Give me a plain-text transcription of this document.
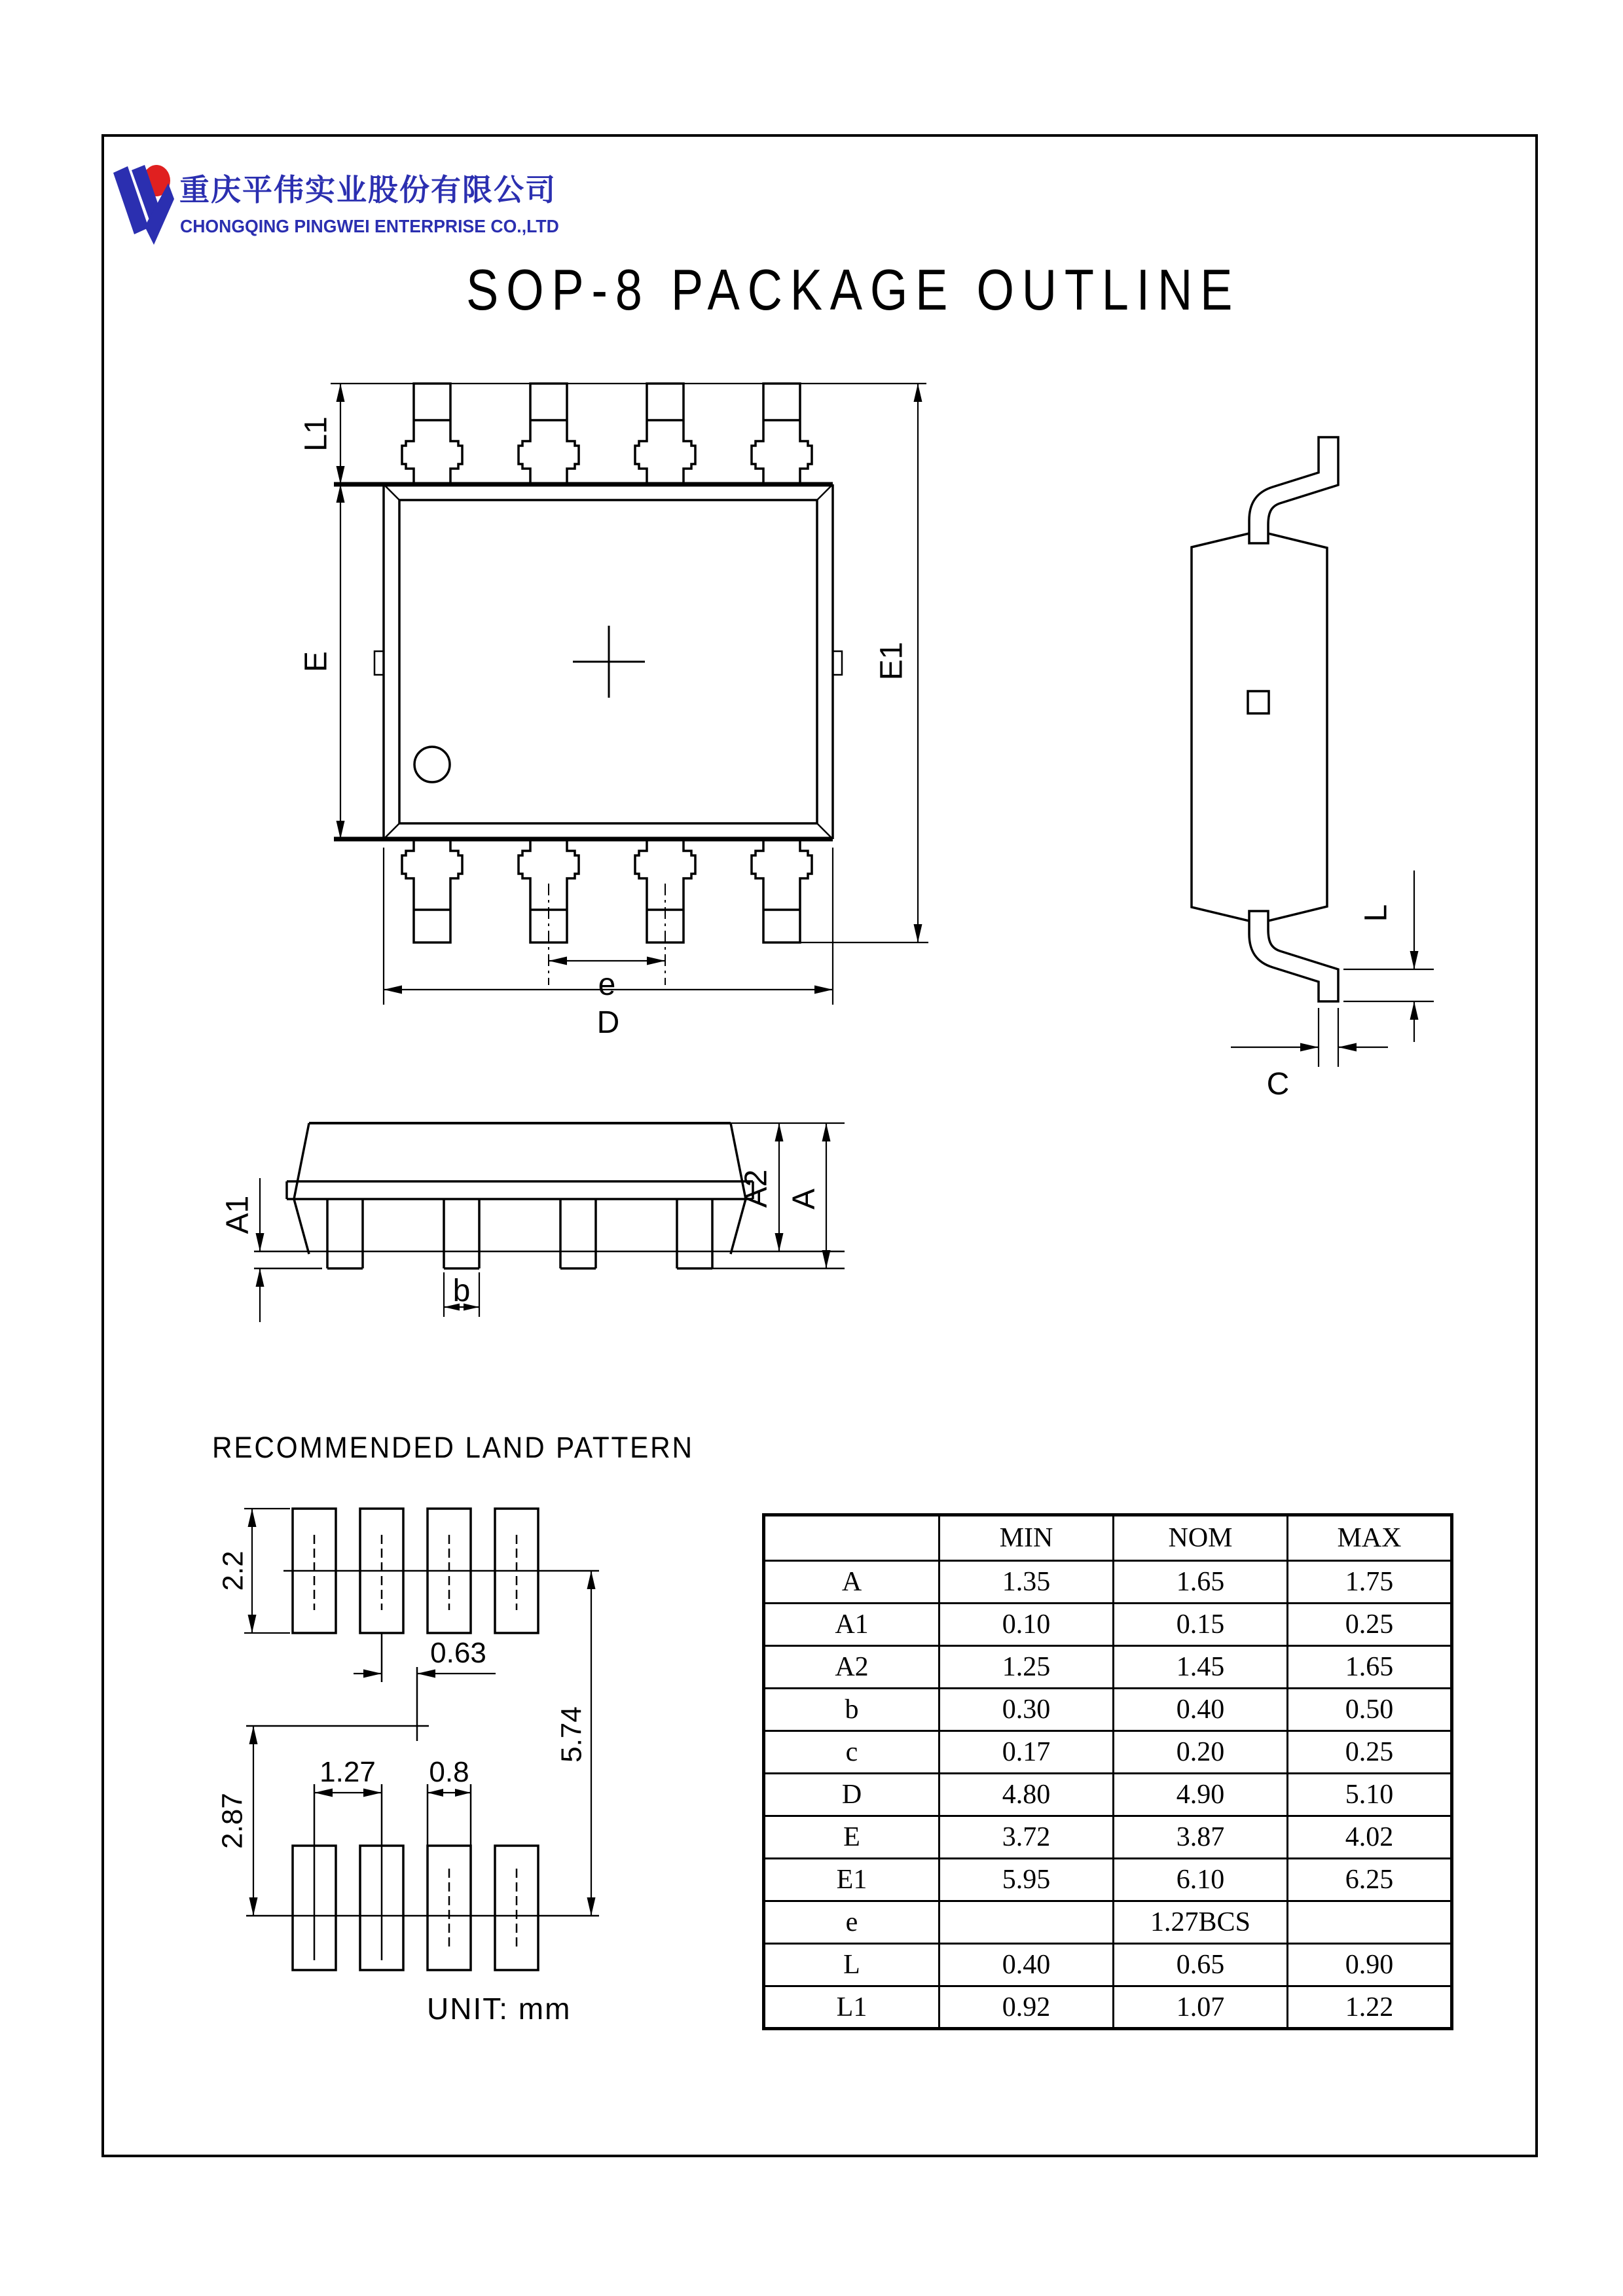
L1
E	E1
e
D
L
C
A1
A2 A
b
2.2
0.63
2.87
5.74
1.27 0.8
重庆平伟实业股份有限公司
CHONGQING PINGWEI ENTERPRISE CO.,LTD
SOP-8 PACKAGE OUTLINE
RECOMMENDED LAND PATTERN
UNIT: mm
	MIN	NOM	MAX
A	1.35	1.65	1.75
A1	0.10	0.15	0.25
A2	1.25	1.45	1.65
b	0.30	0.40	0.50
c	0.17	0.20	0.25
D	4.80	4.90	5.10
E	3.72	3.87	4.02
E1	5.95	6.10	6.25
e		1.27BCS	
L	0.40	0.65	0.90
L1	0.92	1.07	1.22
